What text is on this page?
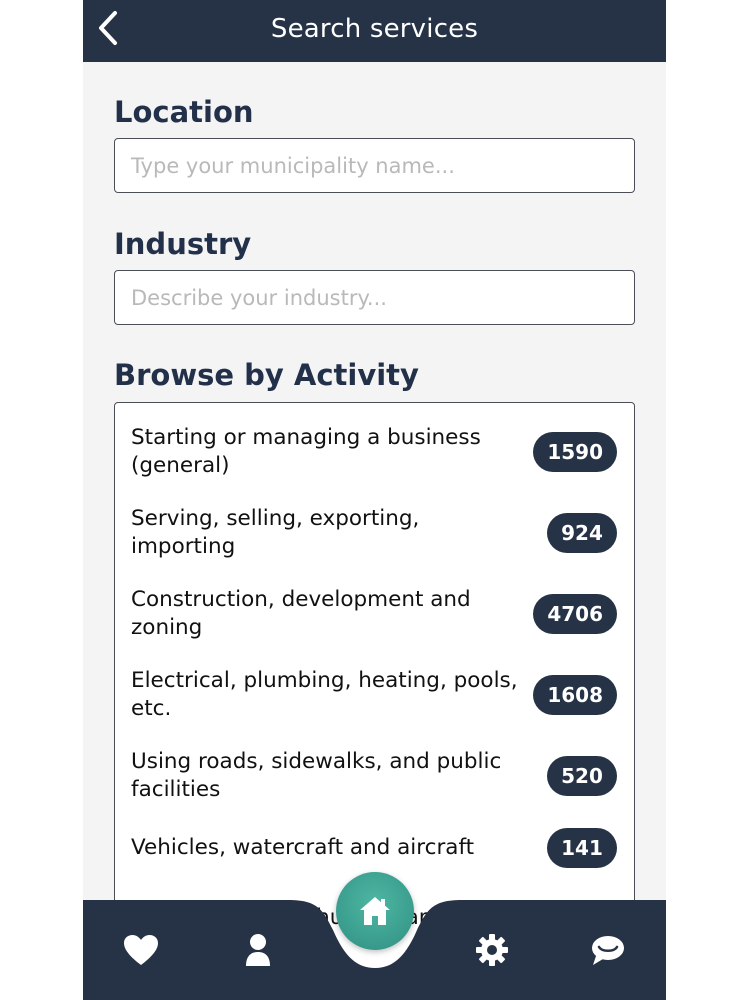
Search services
Location
Type your municipality name...
Industry
Describe your industry...
Browse by Activity
Starting or managing a business (general)
1590
Serving, selling, exporting, importing
924
Construction, development and zoning
4706
Electrical, plumbing, heating, pools, etc.
1608
Using roads, sidewalks, and public facilities
520
Vehicles, watercraft and aircraft	141
